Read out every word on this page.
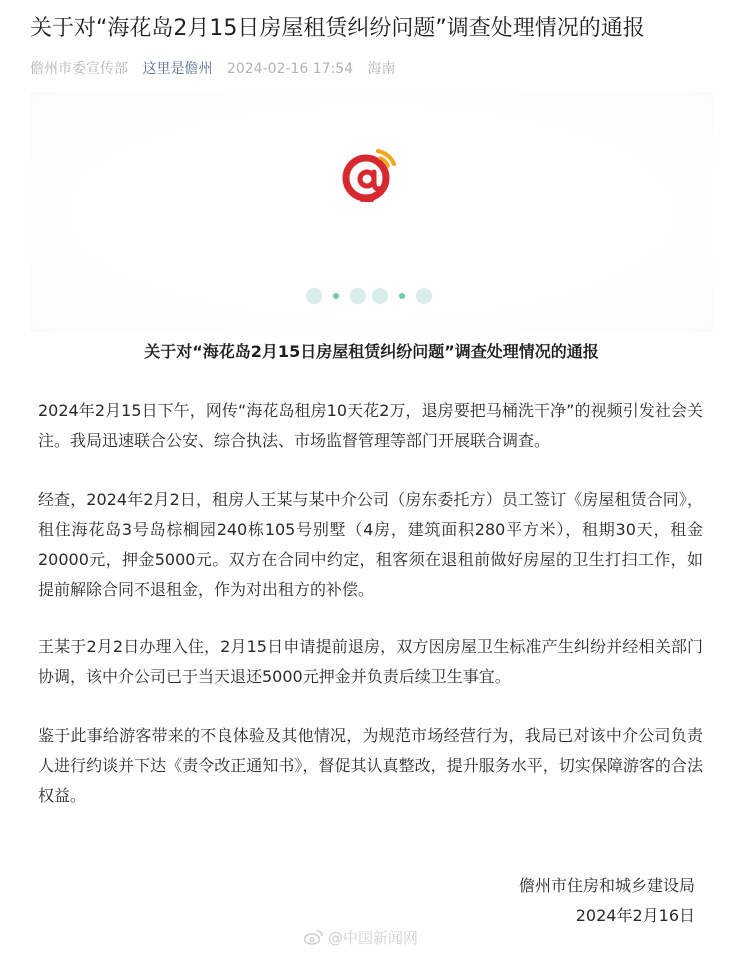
关于对“海花岛2月15日房屋租赁纠纷问题”调查处理情况的通报
儋州市委宣传部 这里是儋州 2024-02-16 17:54 海南
关于对“海花岛2月15日房屋租赁纠纷问题”调查处理情况的通报
2024年2月15日下午，网传“海花岛租房10天花2万，退房要把马桶洗干净”的视频引发社会关注。我局迅速联合公安、综合执法、市场监督管理等部门开展联合调查。
经查，2024年2月2日，租房人王某与某中介公司（房东委托方）员工签订《房屋租赁合同》，租住海花岛3号岛棕榈园240栋105号别墅（4房，建筑面积280平方米），租期30天，租金20000元，押金5000元。双方在合同中约定，租客须在退租前做好房屋的卫生打扫工作，如提前解除合同不退租金，作为对出租方的补偿。
王某于2月2日办理入住，2月15日申请提前退房，双方因房屋卫生标准产生纠纷并经相关部门协调，该中介公司已于当天退还5000元押金并负责后续卫生事宜。
鉴于此事给游客带来的不良体验及其他情况，为规范市场经营行为，我局已对该中介公司负责人进行约谈并下达《责令改正通知书》，督促其认真整改，提升服务水平，切实保障游客的合法权益。
儋州市住房和城乡建设局
2024年2月16日
@中国新闻网
